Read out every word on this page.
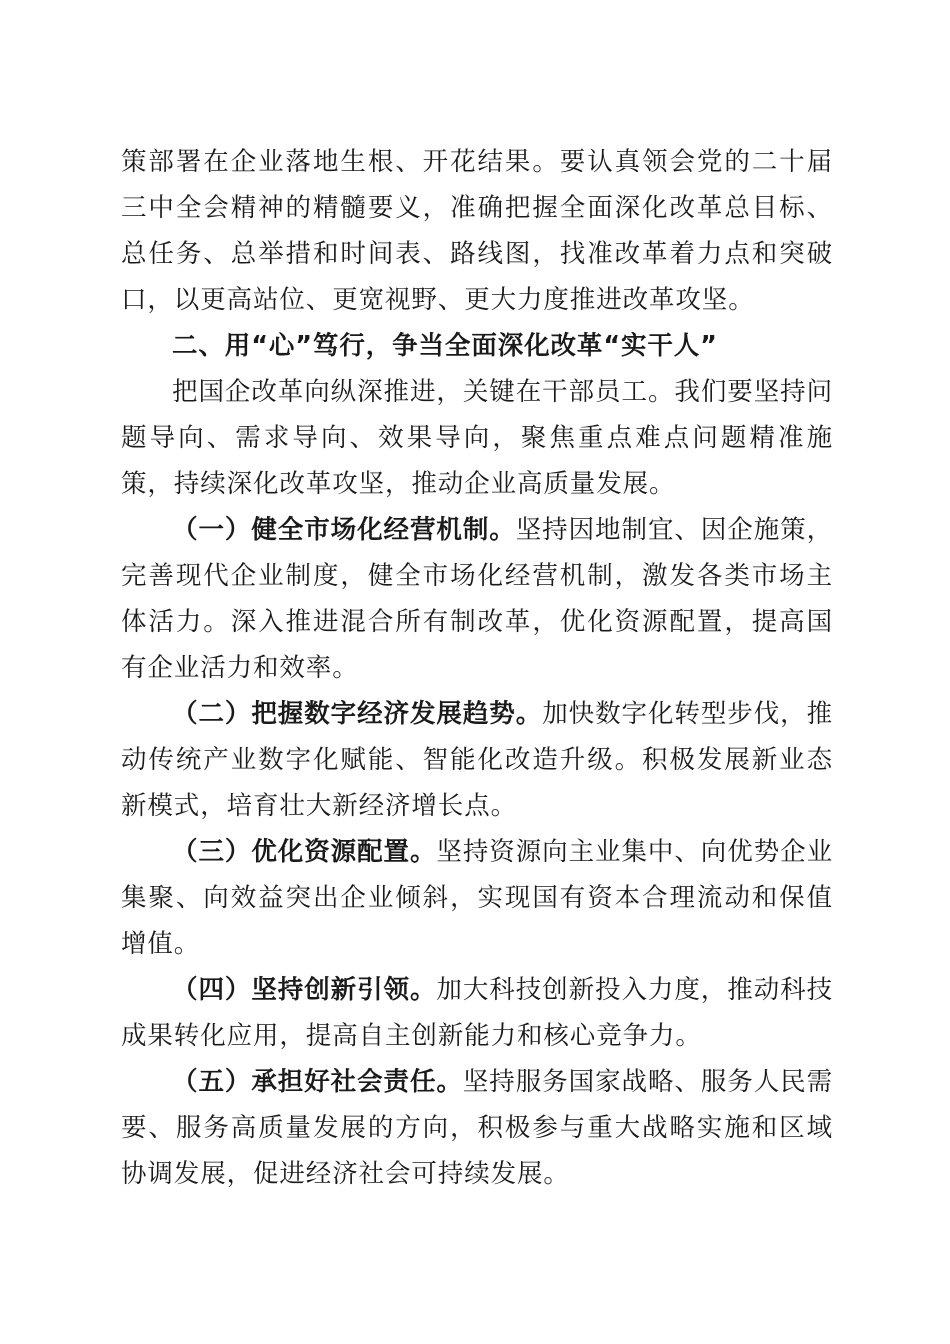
策部署在企业落地生根、开花结果。要认真领会党的二十届三中全会精神的精髓要义，准确把握全面深化改革总目标、总任务、总举措和时间表、路线图，找准改革着力点和突破口，以更高站位、更宽视野、更大力度推进改革攻坚。

二、用“心”笃行，争当全面深化改革“实干人”

把国企改革向纵深推进，关键在干部员工。我们要坚持问题导向、需求导向、效果导向，聚焦重点难点问题精准施策，持续深化改革攻坚，推动企业高质量发展。

（一）健全市场化经营机制。坚持因地制宜、因企施策，完善现代企业制度，健全市场化经营机制，激发各类市场主体活力。深入推进混合所有制改革，优化资源配置，提高国有企业活力和效率。

（二）把握数字经济发展趋势。加快数字化转型步伐，推动传统产业数字化赋能、智能化改造升级。积极发展新业态新模式，培育壮大新经济增长点。

（三）优化资源配置。坚持资源向主业集中、向优势企业集聚、向效益突出企业倾斜，实现国有资本合理流动和保值增值。

（四）坚持创新引领。加大科技创新投入力度，推动科技成果转化应用，提高自主创新能力和核心竞争力。

（五）承担好社会责任。坚持服务国家战略、服务人民需要、服务高质量发展的方向，积极参与重大战略实施和区域协调发展，促进经济社会可持续发展。
